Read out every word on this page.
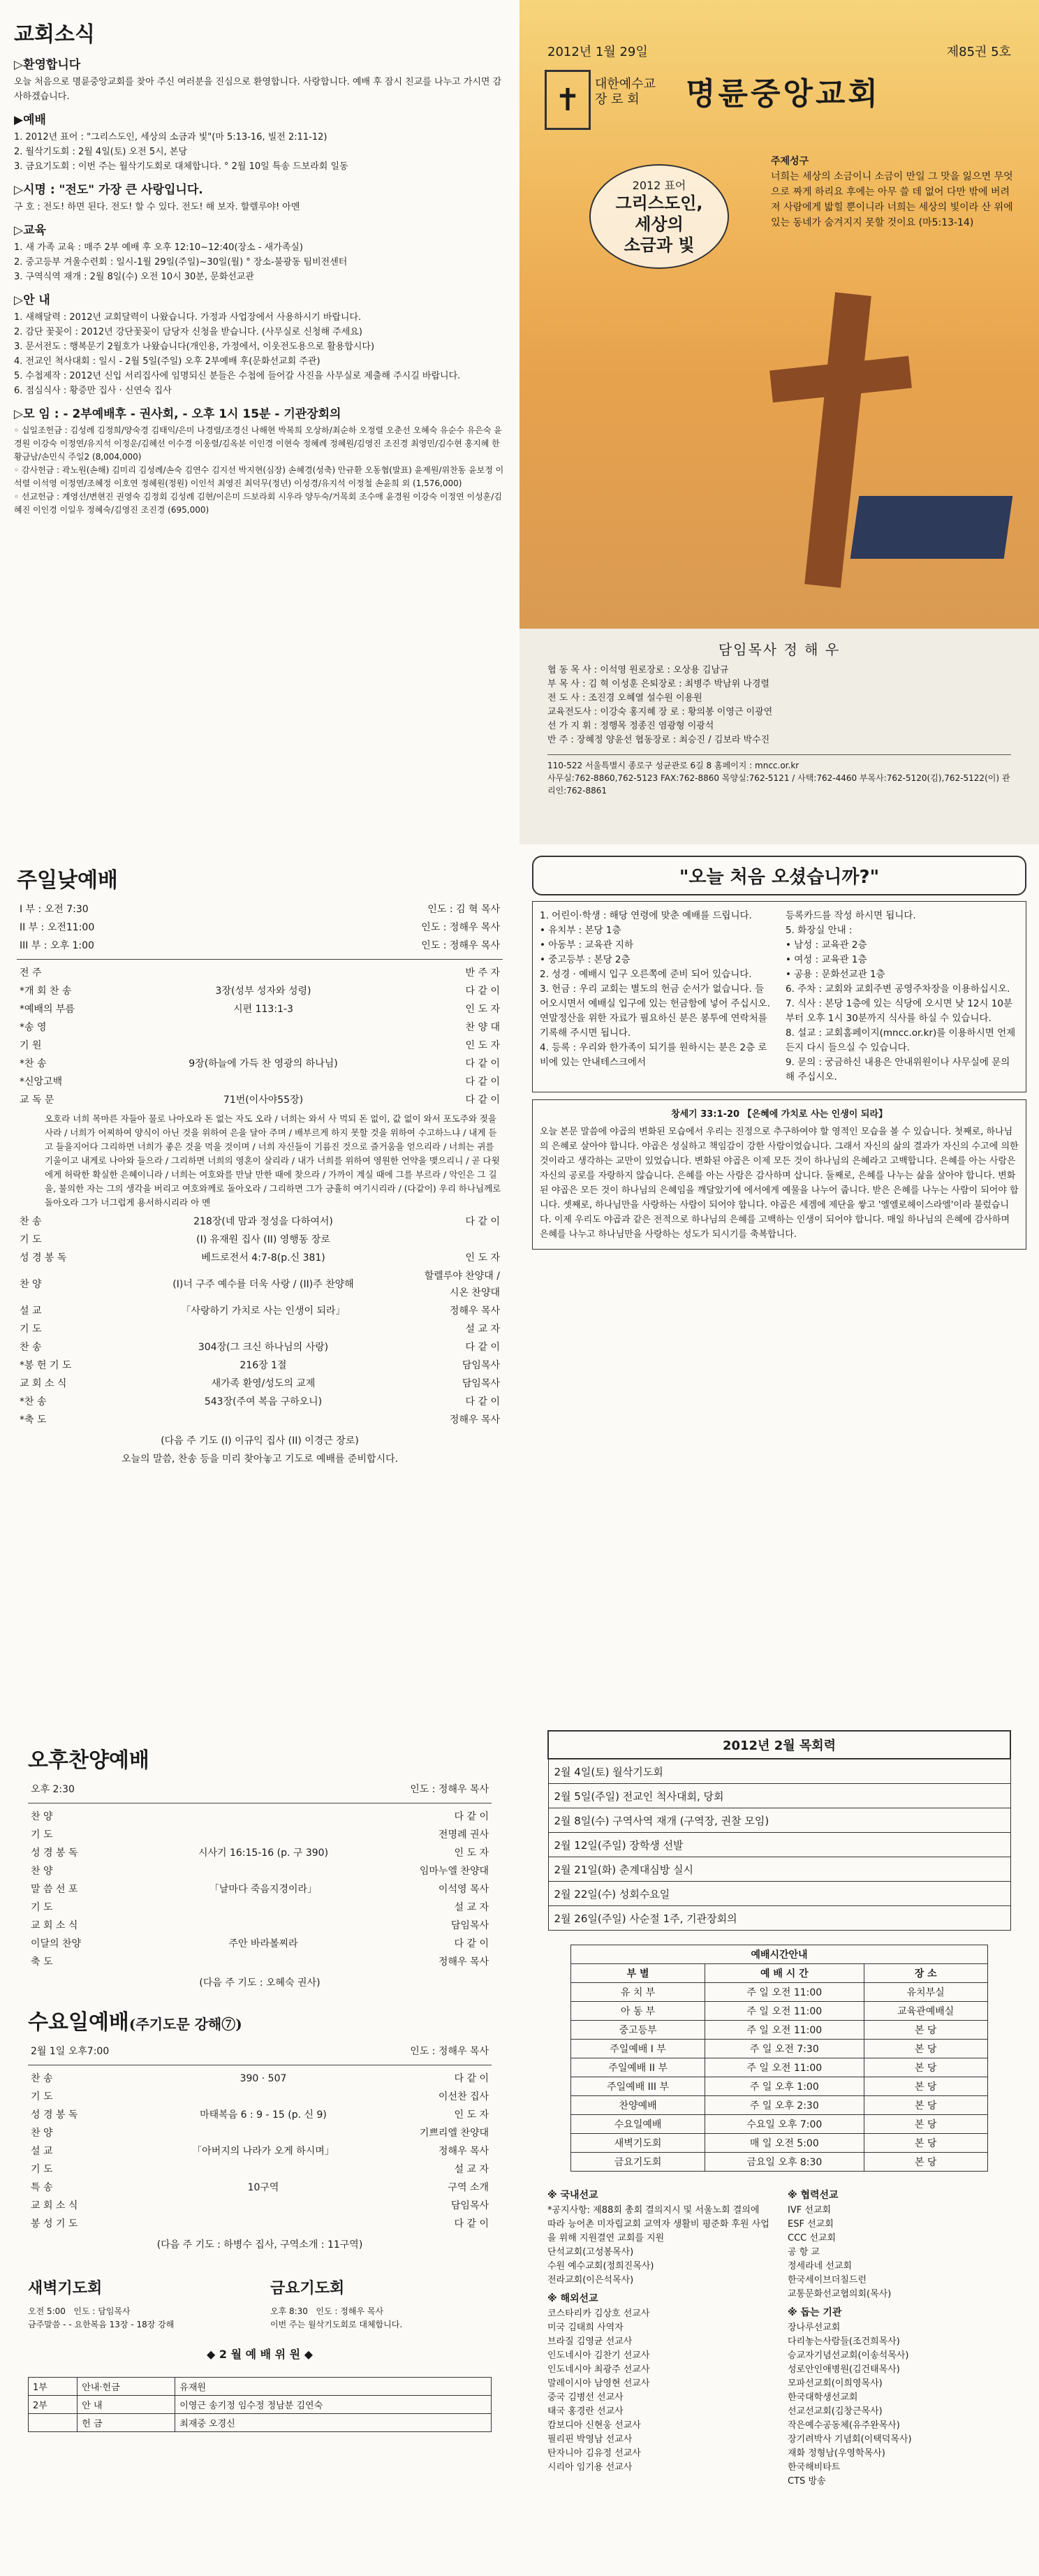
교회소식
▷환영합니다

오늘 처음으로 명륜중앙교회를 찾아 주신 여러분을 진심으로 환영합니다. 사랑합니다. 예배 후 잠시 친교를 나누고 가시면 감사하겠습니다.

▶예배

1. 2012년 표어 : "그리스도인, 세상의 소금과 빛"(마 5:13-16, 빌전 2:11-12)

2. 월삭기도회 : 2월 4일(토) 오전 5시, 본당

3. 금요기도회 : 이번 주는 월삭기도회로 대체합니다. ° 2월 10일 특송 드보라회 일동

▷시명 : "전도" 가장 큰 사랑입니다.

구 호 : 전도! 하면 된다. 전도! 할 수 있다. 전도! 해 보자. 할렐루야! 아멘

▷교육

1. 새 가족 교육 : 매주 2부 예배 후 오후 12:10~12:40(장소 - 새가족실)

2. 중고등부 겨울수련회 : 일시-1월 29일(주일)~30일(월) ° 장소-불광동 팀비전센터

3. 구역식역 재개 : 2월 8일(수) 오전 10시 30분, 문화선교관

▷안 내

1. 새해달력 : 2012년 교회달력이 나왔습니다. 가정과 사업장에서 사용하시기 바랍니다.

2. 감단 꽃꽂이 : 2012년 강단꽃꽂이 담당자 신청을 받습니다. (사무실로 신청해 주세요)

3. 문서전도 : 행복문기 2월호가 나왔습니다(개인용, 가정에서, 이웃전도용으로 활용합시다)

4. 전교인 척사대회 : 일시 - 2월 5일(주일) 오후 2부예배 후(문화선교회 주관)

5. 수첩제작 : 2012년 신입 서리집사에 임명되신 분들은 수첩에 들어갈 사진을 사무실로 제출해 주시길 바랍니다.

6. 점심식사 : 황증만 집사 · 신연숙 집사

▷모 임 : - 2부예배후 - 권사회, - 오후 1시 15분 - 기관장회의

◦ 십일조헌금 : 김성례 김정희/양숙경 김태익/은미 나경렬/조경신 나해현 박복희 오상하/최순하 오정렬 오춘선 오혜숙 유순수 유은숙 윤경원 이강숙 이정연/유지석 이정운/김혜선 이수경 이웅렬/김옥분 이인경 이현숙 정혜례 정혜원/김영진 조진경 최영민/김수현 홍지혜 한 황금남/손민식 주일2 (8,004,000)

◦ 감사헌금 : 곽노원(손해) 김미리 김성례/손숙 김연수 김지선 박지현(심장) 손혜경(성축) 안규환 오동협(발표) 윤제원/위찬동 윤보정 이석렬 이석영 이정연/조혜정 이호연 정혜원(정원) 이인석 최영진 최덕무(정년) 이성경/유지석 이정철 손윤희 외 (1,576,000)

◦ 선교헌금 : 계영선/변현진 권영숙 김정회 김성례 김현/이은미 드보라회 시우라 양두숙/거목회 조수애 윤경원 이강숙 이정연 이성훈/김혜진 이인경 이일우 정혜숙/김영진 조진경 (695,000)

2012년 1월 29일	제85권 5호
✝	대한예수교
장 로 회	명륜중앙교회
2012 표어
그리스도인,
세상의
소금과 빛
주제성구
너희는 세상의 소금이니 소금이 만일 그 맛을 잃으면 무엇으로 짜게 하리요 후에는 아무 쓸 데 없어 다만 밖에 버려져 사람에게 밟힐 뿐이니라 너희는 세상의 빛이라 산 위에 있는 동네가 숨겨지지 못할 것이요 (마5:13-14)
담임목사 정 해 우
협 동 목 사 : 이석영 원로장로 : 오상용 김남규
부 목 사 : 김 혁 이성훈 은퇴장로 : 최병주 박남위 나경렬
전 도 사 : 조진경 오혜열 설수원 이용원
교육전도사 : 이강숙 홍지혜 장 로 : 황의봉 이영근 이광연
선 가 지 휘 : 정행목 정종진 염광형 이광석
반 주 : 장혜정 양윤선 협동장로 : 최승진 / 김보라 박수진
110-522 서울특별시 종로구 성균관로 6길 8 홈페이지 : mncc.or.kr
사무실:762-8860,762-5123 FAX:762-8860 목양실:762-5121 / 사택:762-4460 부목사:762-5120(김),762-5122(이) 관리인:762-8861
주일낮예배
I 부 : 오전 7:30	인도 : 김 혁 목사
II 부 : 오전11:00	인도 : 정해우 목사
III 부 : 오후 1:00	인도 : 정해우 목사
전 주		반 주 자
*개 회 찬 송	3장(성부 성자와 성령)	다 같 이
*예배의 부름	시편 113:1-3	인 도 자
*송 영		찬 양 대
기 원		인 도 자
*찬 송	9장(하늘에 가득 찬 영광의 하나님)	다 같 이
*신앙고백		다 같 이
교 독 문	71번(이사야55장)	다 같 이
오호라 너희 목마른 자들아 물로 나아오라 돈 없는 자도 오라 / 너희는 와서 사 먹되 돈 없이, 값 없이 와서 포도주와 젖을 사라 / 너희가 어찌하여 양식이 아닌 것을 위하여 은을 달아 주며 / 배부르게 하지 못할 것을 위하여 수고하느냐 / 내게 듣고 들을지어다 그리하면 너희가 좋은 것을 먹을 것이며 / 너희 자신들이 기름진 것으로 즐거움을 얻으리라 / 너희는 귀를 기울이고 내게로 나아와 들으라 / 그리하면 너희의 영혼이 살리라 / 내가 너희를 위하여 영원한 언약을 맺으리니 / 곧 다윗에게 허락한 확실한 은혜이니라 / 너희는 여호와를 만날 만한 때에 찾으라 / 가까이 계실 때에 그를 부르라 / 악인은 그 길을, 불의한 자는 그의 생각을 버리고 여호와께로 돌아오라 / 그리하면 그가 긍휼히 여기시리라 / (다같이) 우리 하나님께로 돌아오라 그가 너그럽게 용서하시리라 아 멘
찬 송	218장(네 맘과 정성을 다하여서)	다 같 이
기 도	(I) 유재원 집사 (II) 영행동 장로	
성 경 봉 독	베드로전서 4:7-8(p.신 381)	인 도 자
찬 양	(I)너 구주 예수를 더욱 사랑 / (II)주 찬양해	할렐루야 찬양대 / 시온 찬양대
설 교	「사랑하기 가치로 사는 인생이 되라」	정해우 목사
기 도		설 교 자
찬 송	304장(그 크신 하나님의 사랑)	다 같 이
*봉 헌 기 도	216장 1절	담임목사
교 회 소 식	새가족 환영/성도의 교제	담임목사
*찬 송	543장(주여 복음 구하오니)	다 같 이
*축 도		정해우 목사
(다음 주 기도 (I) 이규익 집사 (II) 이경근 장로)
오늘의 말씀, 찬송 등을 미리 찾아놓고 기도로 예배를 준비합시다.
"오늘 처음 오셨습니까?"
1. 어린이·학생 : 해당 연령에 맞춘 예배를 드립니다.
• 유치부 : 본당 1층
• 아동부 : 교육관 지하
• 중고등부 : 본당 2층
2. 성경 · 예배시 입구 오른쪽에 준비 되어 있습니다.
3. 헌금 : 우리 교회는 별도의 헌금 순서가 없습니다. 들어오시면서 예배실 입구에 있는 헌금함에 넣어 주십시오. 연말정산을 위한 자료가 필요하신 분은 봉투에 연락처를 기록해 주시면 됩니다.
4. 등록 : 우리와 한가족이 되기를 원하시는 분은 2층 로비에 있는 안내테스크에서
등록카드를 작성 하시면 됩니다.
5. 화장실 안내 :
• 남성 : 교육관 2층
• 여성 : 교육관 1층
• 공용 : 문화선교관 1층
6. 주차 : 교회와 교회주변 공영주차장을 이용하십시오.
7. 식사 : 본당 1층에 있는 식당에 오시면 낮 12시 10분부터 오후 1시 30분까지 식사를 하실 수 있습니다.
8. 설교 : 교회홈페이지(mncc.or.kr)를 이용하시면 언제든지 다시 들으실 수 있습니다.
9. 문의 : 궁금하신 내용은 안내위원이나 사무실에 문의해 주십시오.
창세기 33:1-20 【은혜에 가치로 사는 인생이 되라】
오늘 본문 말씀에 야곱의 변화된 모습에서 우리는 진정으로 추구하여야 할 영적인 모습을 볼 수 있습니다. 첫째로, 하나님의 은혜로 살아야 합니다. 야곱은 성실하고 책임감이 강한 사람이었습니다. 그래서 자신의 삶의 결과가 자신의 수고에 의한 것이라고 생각하는 교만이 있었습니다. 변화된 야곱은 이제 모든 것이 하나님의 은혜라고 고백합니다. 은혜를 아는 사람은 자신의 공로를 자랑하지 않습니다. 은혜를 아는 사람은 감사하며 삽니다. 둘째로, 은혜를 나누는 삶을 살아야 합니다. 변화된 야곱은 모든 것이 하나님의 은혜임을 깨달았기에 에서에게 예물을 나누어 줍니다. 받은 은혜를 나누는 사람이 되어야 합니다. 셋째로, 하나님만을 사랑하는 사람이 되어야 합니다. 야곱은 세겜에 제단을 쌓고 '엘엘로헤이스라엘'이라 불렀습니다. 이제 우리도 야곱과 같은 전적으로 하나님의 은혜를 고백하는 인생이 되어야 합니다. 매일 하나님의 은혜에 감사하며 은혜를 나누고 하나님만을 사랑하는 성도가 되시기를 축복합니다.
오후찬양예배
오후 2:30	인도 : 정해우 목사
찬 양		다 같 이
기 도		전명례 권사
성 경 봉 독	시사기 16:15-16 (p. 구 390)	인 도 자
찬 양		임마누엘 찬양대
말 씀 선 포	「날마다 죽음지경이라」	이석영 목사
기 도		설 교 자
교 회 소 식		담임목사
이달의 찬양	주안 바라볼찌라	다 같 이
축 도		정해우 목사
(다음 주 기도 : 오혜숙 권사)
수요일예배(주기도문 강해⑦)
2월 1일 오후7:00	인도 : 정해우 목사
찬 송	390 · 507	다 같 이
기 도		이선찬 집사
성 경 봉 독	마태복음 6 : 9 - 15 (p. 신 9)	인 도 자
찬 양		기쁘리엘 찬양대
설 교	「아버지의 나라가 오게 하시며」	정해우 목사
기 도		설 교 자
특 송	10구역	구역 소개
교 회 소 식		담임목사
봉 성 기 도		다 같 이
(다음 주 기도 : 하병수 집사, 구역소개 : 11구역)
새벽기도회
오전 5:00 인도 : 담임목사
금주말씀 - - 요한복음 13장 - 18장 강해
금요기도회
오후 8:30 인도 : 정해우 목사
이번 주는 월삭기도회로 대체합니다.
◆ 2 월 예 배 위 원 ◆
1부	안내·헌금	유재원
2부	안 내	이영근 송기정 임수정 정남분 김연숙
	헌 금	최재중 오경신
2012년 2월 목회력
2월 4일(토) 월삭기도회
2월 5일(주일) 전교인 척사대회, 당회
2월 8일(수) 구역사역 재개 (구역장, 권찰 모임)
2월 12일(주일) 장학생 선발
2월 21일(화) 춘계대심방 실시
2월 22일(수) 성회수요일
2월 26일(주일) 사순절 1주, 기관장회의
예배시간안내		
부 별	예 배 시 간	장 소
유 치 부	주 일 오전 11:00	유치부실
아 동 부	주 일 오전 11:00	교육관예배실
중고등부	주 일 오전 11:00	본 당
주일예배 I 부	주 일 오전 7:30	본 당
주일예배 II 부	주 일 오전 11:00	본 당
주일예배 III 부	주 일 오후 1:00	본 당
찬양예배	주 일 오후 2:30	본 당
수요일예배	수요일 오후 7:00	본 당
새벽기도회	매 일 오전 5:00	본 당
금요기도회	금요일 오후 8:30	본 당
※ 국내선교
*공지사항: 제88회 총회 결의지시 및 서울노회 결의에 따라 능어촌 미자립교회 교역자 생활비 평준화 후원 사업을 위해 지원결연 교회를 지원
단석교회(고성봉목사)
수원 예수교회(정희진목사)
전라교회(이은석목사)
※ 해외선교
코스타리카 김상호 선교사
미국 김태희 사역자
브라질 김영균 선교사
인도네시아 김찬기 선교사
인도네시아 최광주 선교사
말레이시아 남영현 선교사
중국 김병선 선교사
태국 홍경란 선교사
캄보디아 신현웅 선교사
필리핀 박영남 선교사
탄자니아 김유정 선교사
시리아 임기용 선교사
※ 협력선교
IVF 선교회
ESF 선교회
CCC 선교회
공 항 교
정세라네 선교회
한국세이브더칠드런
교통문화선교협의회(목사)
※ 돕는 기관
장나루선교회
다리놓는사람들(조건희목사)
승교자기념선교회(이송석목사)
성로안인애병원(김건태목사)
모파선교회(이희영목사)
한국대학생선교회
선교선교회(김창근목사)
작은예수공동체(유주완목사)
장기려박사 기념회(이택덕목사)
재화 정형남(우영학목사)
한국해비타트
CTS 방송
